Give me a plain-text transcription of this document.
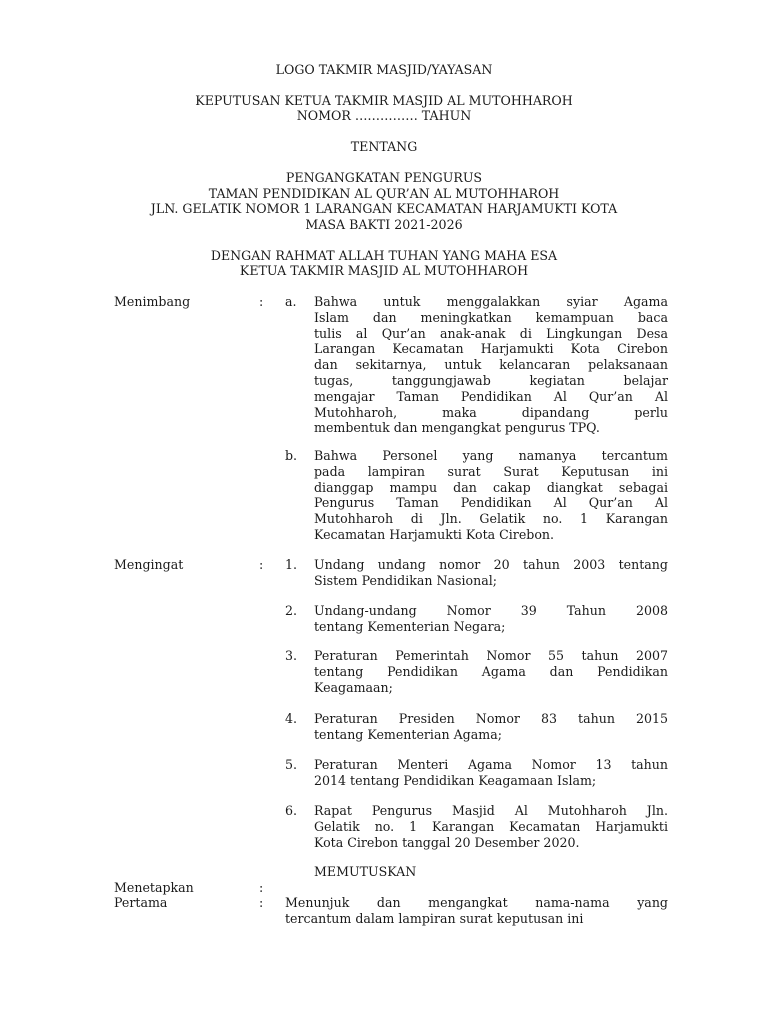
LOGO TAKMIR MASJID/YAYASAN
KEPUTUSAN KETUA TAKMIR MASJID AL MUTOHHAROH
NOMOR …………… TAHUN
TENTANG
PENGANGKATAN PENGURUS
TAMAN PENDIDIKAN AL QUR’AN AL MUTOHHAROH
JLN. GELATIK NOMOR 1 LARANGAN KECAMATAN HARJAMUKTI KOTA
MASA BAKTI 2021-2026
DENGAN RAHMAT ALLAH TUHAN YANG MAHA ESA
KETUA TAKMIR MASJID AL MUTOHHAROH
Menimbang	: a. Bahwa untuk menggalakkan syiar Agama
Islam dan meningkatkan kemampuan baca
tulis al Qur’an anak-anak di Lingkungan Desa
Larangan Kecamatan Harjamukti Kota Cirebon
dan sekitarnya, untuk kelancaran pelaksanaan
tugas, tanggungjawab kegiatan belajar
mengajar Taman Pendidikan Al Qur’an Al
Mutohharoh, maka dipandang perlu
membentuk dan mengangkat pengurus TPQ.
b. Bahwa Personel yang namanya tercantum
pada lampiran surat Surat Keputusan ini
dianggap mampu dan cakap diangkat sebagai
Pengurus Taman Pendidikan Al Qur’an Al
Mutohharoh di Jln. Gelatik no. 1 Karangan
Kecamatan Harjamukti Kota Cirebon.
Mengingat	: 1. Undang undang nomor 20 tahun 2003 tentang
Sistem Pendidikan Nasional;
2. Undang-undang Nomor 39 Tahun 2008
tentang Kementerian Negara;
3. Peraturan Pemerintah Nomor 55 tahun 2007
tentang Pendidikan Agama dan Pendidikan
Keagamaan;
4. Peraturan Presiden Nomor 83 tahun 2015
tentang Kementerian Agama;
5. Peraturan Menteri Agama Nomor 13 tahun
2014 tentang Pendidikan Keagamaan Islam;
6. Rapat Pengurus Masjid Al Mutohharoh Jln.
Gelatik no. 1 Karangan Kecamatan Harjamukti
Kota Cirebon tanggal 20 Desember 2020.
MEMUTUSKAN
Menetapkan	:
Pertama	: Menunjuk dan mengangkat nama-nama yang
tercantum dalam lampiran surat keputusan ini
